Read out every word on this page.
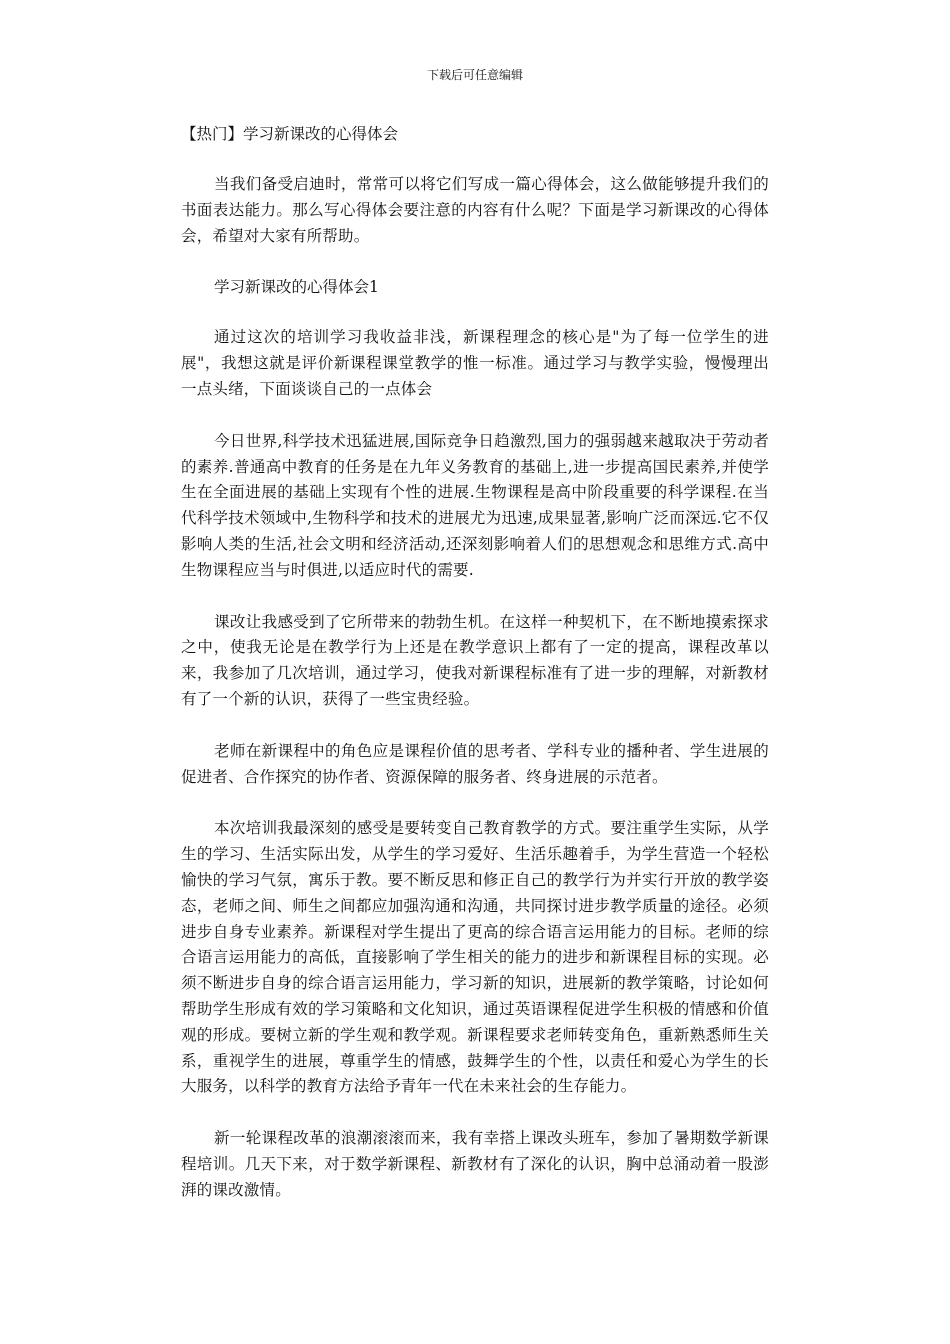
下载后可任意编辑
【热门】学习新课改的心得体会

当我们备受启迪时，常常可以将它们写成一篇心得体会，这么做能够提升我们的书面表达能力。那么写心得体会要注意的内容有什么呢？下面是学习新课改的心得体会，希望对大家有所帮助。

学习新课改的心得体会1

通过这次的培训学习我收益非浅，新课程理念的核心是"为了每一位学生的进展"，我想这就是评价新课程课堂教学的惟一标准。通过学习与教学实验，慢慢理出一点头绪，下面谈谈自己的一点体会

今日世界,科学技术迅猛进展,国际竞争日趋激烈,国力的强弱越来越取决于劳动者的素养.普通高中教育的任务是在九年义务教育的基础上,进一步提高国民素养,并使学生在全面进展的基础上实现有个性的进展.生物课程是高中阶段重要的科学课程.在当代科学技术领域中,生物科学和技术的进展尤为迅速,成果显著,影响广泛而深远.它不仅影响人类的生活,社会文明和经济活动,还深刻影响着人们的思想观念和思维方式.高中生物课程应当与时俱进,以适应时代的需要.

课改让我感受到了它所带来的勃勃生机。在这样一种契机下，在不断地摸索探求之中，使我无论是在教学行为上还是在教学意识上都有了一定的提高，课程改革以来，我参加了几次培训，通过学习，使我对新课程标准有了进一步的理解，对新教材有了一个新的认识，获得了一些宝贵经验。

老师在新课程中的角色应是课程价值的思考者、学科专业的播种者、学生进展的促进者、合作探究的协作者、资源保障的服务者、终身进展的示范者。

本次培训我最深刻的感受是要转变自己教育教学的方式。要注重学生实际，从学生的学习、生活实际出发，从学生的学习爱好、生活乐趣着手，为学生营造一个轻松愉快的学习气氛，寓乐于教。要不断反思和修正自己的教学行为并实行开放的教学姿态，老师之间、师生之间都应加强沟通和沟通，共同探讨进步教学质量的途径。必须进步自身专业素养。新课程对学生提出了更高的综合语言运用能力的目标。老师的综合语言运用能力的高低，直接影响了学生相关的能力的进步和新课程目标的实现。必须不断进步自身的综合语言运用能力，学习新的知识，进展新的教学策略，讨论如何帮助学生形成有效的学习策略和文化知识，通过英语课程促进学生积极的情感和价值观的形成。要树立新的学生观和教学观。新课程要求老师转变角色，重新熟悉师生关系，重视学生的进展，尊重学生的情感，鼓舞学生的个性，以责任和爱心为学生的长大服务，以科学的教育方法给予青年一代在未来社会的生存能力。

新一轮课程改革的浪潮滚滚而来，我有幸搭上课改头班车，参加了暑期数学新课程培训。几天下来，对于数学新课程、新教材有了深化的认识，胸中总涌动着一股澎湃的课改激情。
